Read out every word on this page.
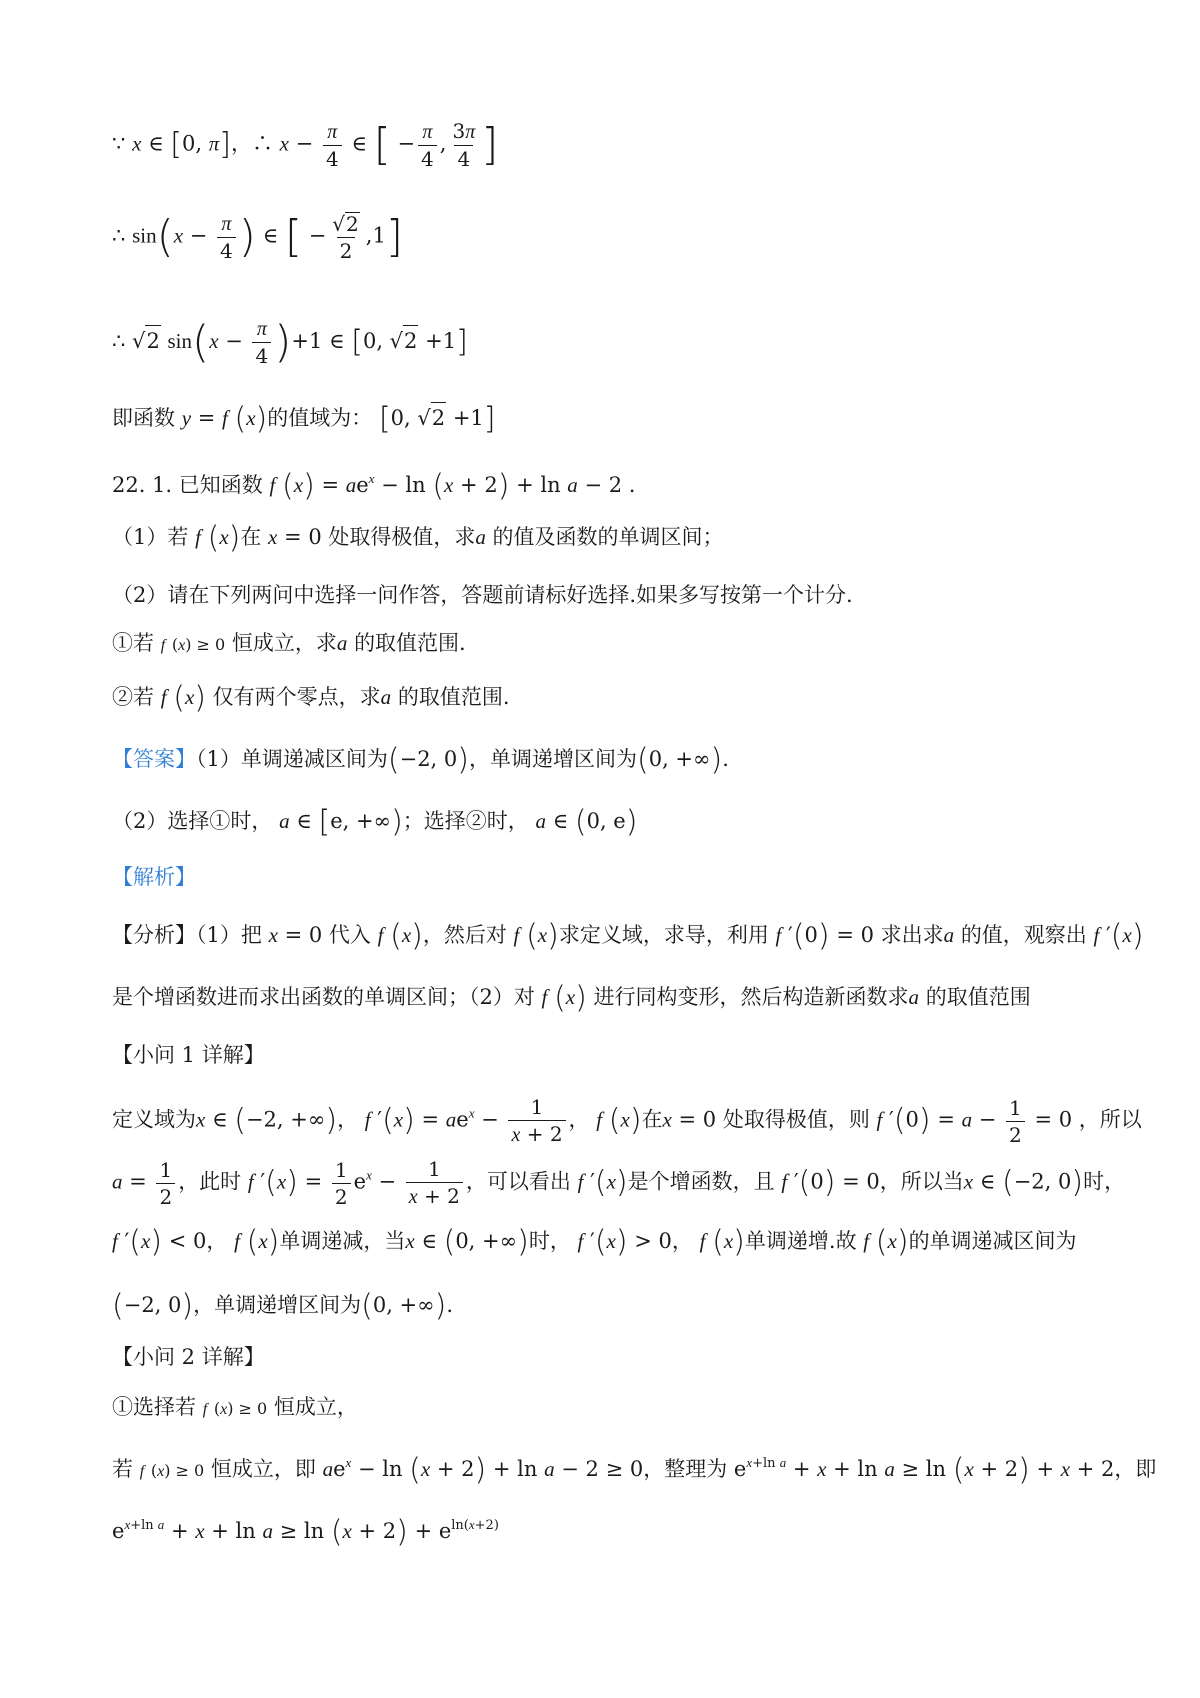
∵ x ∈ [0, π]，∴ $x - \frac{\pi}{4}$ ∈ [ − $\frac{\pi}{4}$ , $\frac{3\pi}{4}$ ]
∴ $\sin(x - \frac{\pi}{4}$ ) ∈ [ − $\frac{√2}{2} ,1$]
∴ √2 $\sin(x - \frac{\pi}{4} )+1$ ∈ [0, √2 +1]
即函数 y = f (x)的值域为： [0, √2 +1]
22. 1. 已知函数 f $(x) = ae^x - \ln (x + 2) + \ln a - 2$ .
（1）若 f (x)在 x = 0 处取得极值，求a 的值及函数的单调区间；
（2）请在下列两问中选择一问作答，答题前请标好选择.如果多写按第一个计分.
①若 f (x) ≥ 0 恒成立，求a 的取值范围.
②若 f (x) 仅有两个零点，求a 的取值范围.
【答案】（1）单调递减区间为(−2, 0)，单调递增区间为(0, +∞).
（2）选择①时， a ∈ [e, +∞)；选择②时， a ∈ (0, e)
【解析】
【分析】（1）把 x = 0 代入 f (x)，然后对 f (x)求定义域，求导，利用 f ′(0) = 0 求出求a 的值，观察出 f ′(x)
是个增函数进而求出函数的单调区间；（2）对 f (x) 进行同构变形，然后构造新函数求a 的取值范围
【小问 1 详解】
定义域为x ∈ (−2, +∞)， f $'(x) = ae^x - \frac{1}{x + 2}$ ， f (x)在x = 0 处取得极值，则 f $'(0) = a - \frac{1}{2} = 0$ ，所以
$a = \frac{1}{2}$ ，此时 f $'(x) = \frac{1}{2} e^x - \frac{1}{x + 2}$ ，可以看出 f ′(x)是个增函数，且 f ′(0) = 0，所以当x ∈ (−2, 0)时，
f ′(x) < 0， f (x)单调递减，当x ∈ (0, +∞)时， f ′(x) > 0， f (x)单调递增.故 f (x)的单调递减区间为
(−2, 0)，单调递增区间为(0, +∞).
【小问 2 详解】
①选择若 f (x) ≥ 0 恒成立，
若 f (x) ≥ 0 恒成立，即 $ae^x - \ln (x + 2) + \ln a - 2 \ge 0$，整理为 $e^{x+ln a} + x + \ln a \ge \ln (x + 2) + x + 2$，即
$e^{x+ln a} + x + \ln a \ge \ln (x + 2) + e^{ln(x+2)}$
